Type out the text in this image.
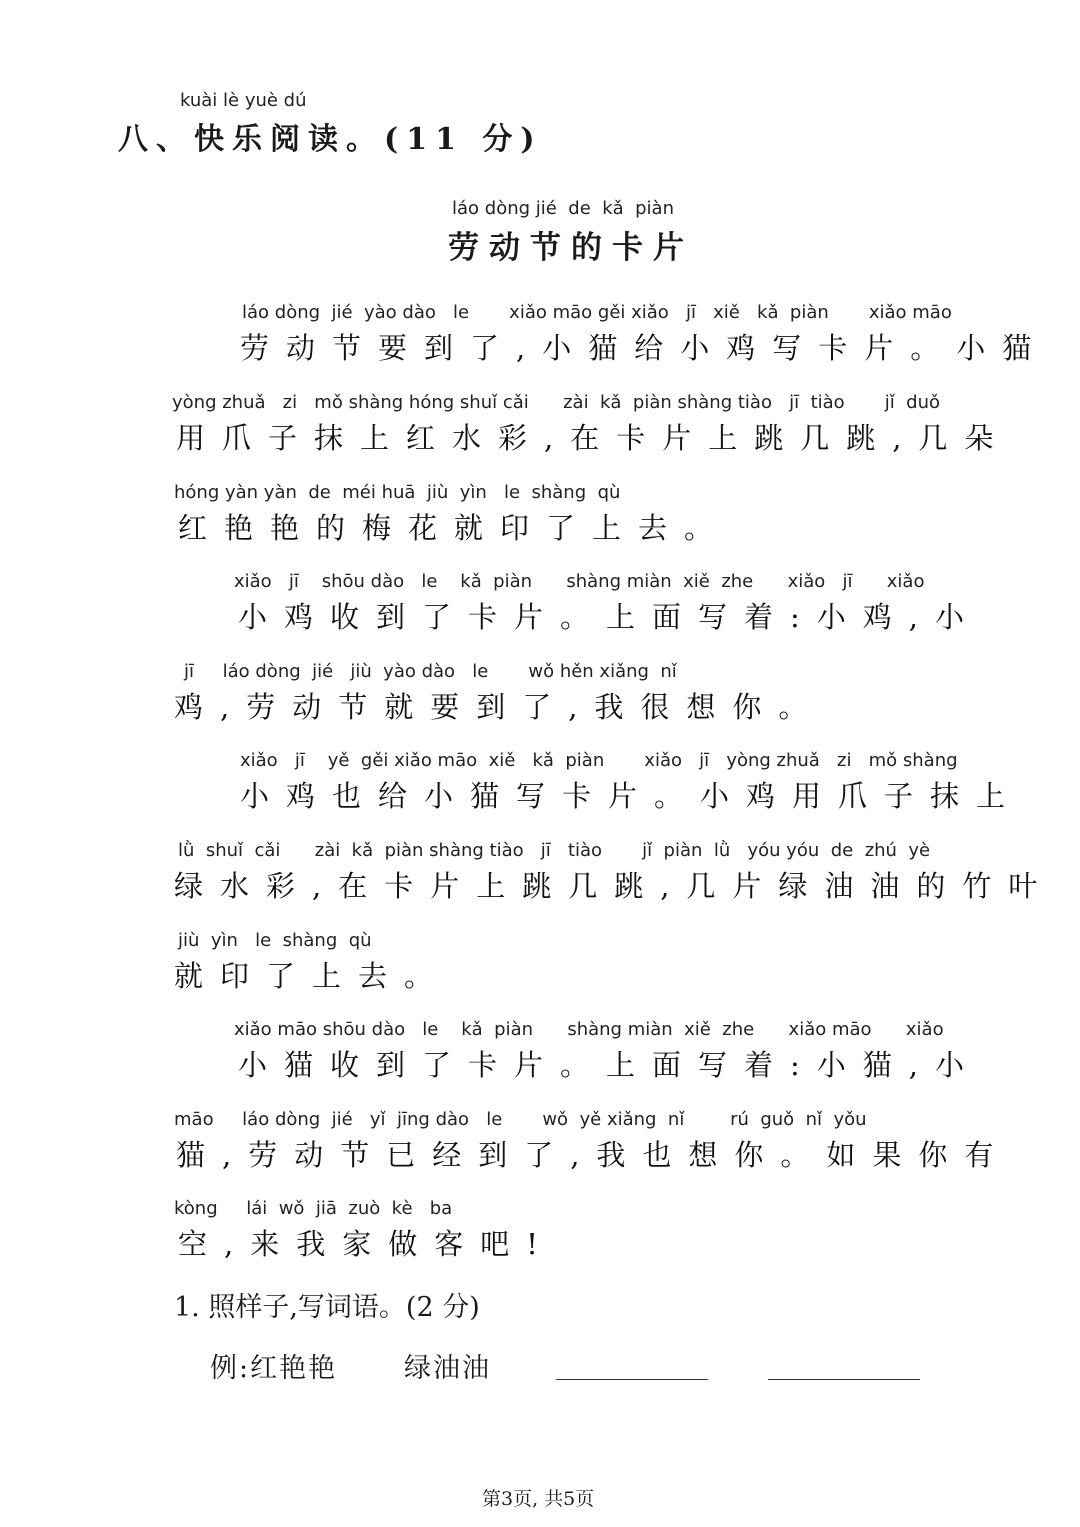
kuài lè yuè dú
八、快乐阅读。(11 分)
láo dòng jié  de  kǎ  piàn
劳动节的卡片
láo dòng  jié  yào dào   le       xiǎo māo gěi xiǎo   jī   xiě   kǎ  piàn       xiǎo māo
劳动节要到了,小猫给小鸡写卡片。小猫
yòng zhuǎ   zi   mǒ shàng hóng shuǐ cǎi      zài  kǎ  piàn shàng tiào   jī  tiào       jǐ  duǒ
用爪子抹上红水彩,在卡片上跳几跳,几朵
hóng yàn yàn  de  méi huā  jiù  yìn   le  shàng  qù
红艳艳的梅花就印了上去。
xiǎo   jī    shōu dào   le    kǎ  piàn      shàng miàn  xiě  zhe      xiǎo   jī      xiǎo
小鸡收到了卡片。上面写着:小鸡,小
jī     láo dòng  jié   jiù  yào dào   le       wǒ hěn xiǎng  nǐ
鸡,劳动节就要到了,我很想你。
xiǎo   jī    yě  gěi xiǎo māo  xiě   kǎ  piàn       xiǎo   jī   yòng zhuǎ   zi   mǒ shàng
小鸡也给小猫写卡片。小鸡用爪子抹上
lǜ  shuǐ  cǎi      zài  kǎ  piàn shàng tiào   jī   tiào       jǐ  piàn  lǜ   yóu yóu  de  zhú  yè
绿水彩,在卡片上跳几跳,几片绿油油的竹叶
jiù  yìn   le  shàng  qù
就印了上去。
xiǎo māo shōu dào   le    kǎ  piàn      shàng miàn  xiě  zhe      xiǎo māo      xiǎo
小猫收到了卡片。上面写着:小猫,小
māo     láo dòng  jié   yǐ  jīng dào   le       wǒ  yě xiǎng  nǐ        rú  guǒ  nǐ  yǒu
猫,劳动节已经到了,我也想你。如果你有
kòng     lái  wǒ  jiā  zuò  kè   ba
空,来我家做客吧!
1. 照样子,写词语。(2 分)
例:红艳艳 绿油油
第3页, 共5页
